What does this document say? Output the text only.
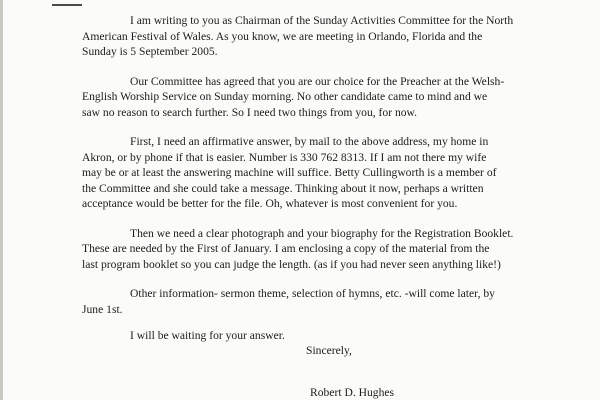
I am writing to you as Chairman of the Sunday Activities Committee for the North
American Festival of Wales. As you know, we are meeting in Orlando, Florida and the
Sunday is 5 September 2005.

Our Committee has agreed that you are our choice for the Preacher at the Welsh-
English Worship Service on Sunday morning. No other candidate came to mind and we
saw no reason to search further. So I need two things from you, for now.

First, I need an affirmative answer, by mail to the above address, my home in
Akron, or by phone if that is easier. Number is 330 762 8313. If I am not there my wife
may be or at least the answering machine will suffice. Betty Cullingworth is a member of
the Committee and she could take a message. Thinking about it now, perhaps a written
acceptance would be better for the file. Oh, whatever is most convenient for you.

Then we need a clear photograph and your biography for the Registration Booklet.
These are needed by the First of January. I am enclosing a copy of the material from the
last program booklet so you can judge the length. (as if you had never seen anything like!)

Other information- sermon theme, selection of hymns, etc. -will come later, by
June 1st.

I will be waiting for your answer.

Sincerely,
Robert D. Hughes
